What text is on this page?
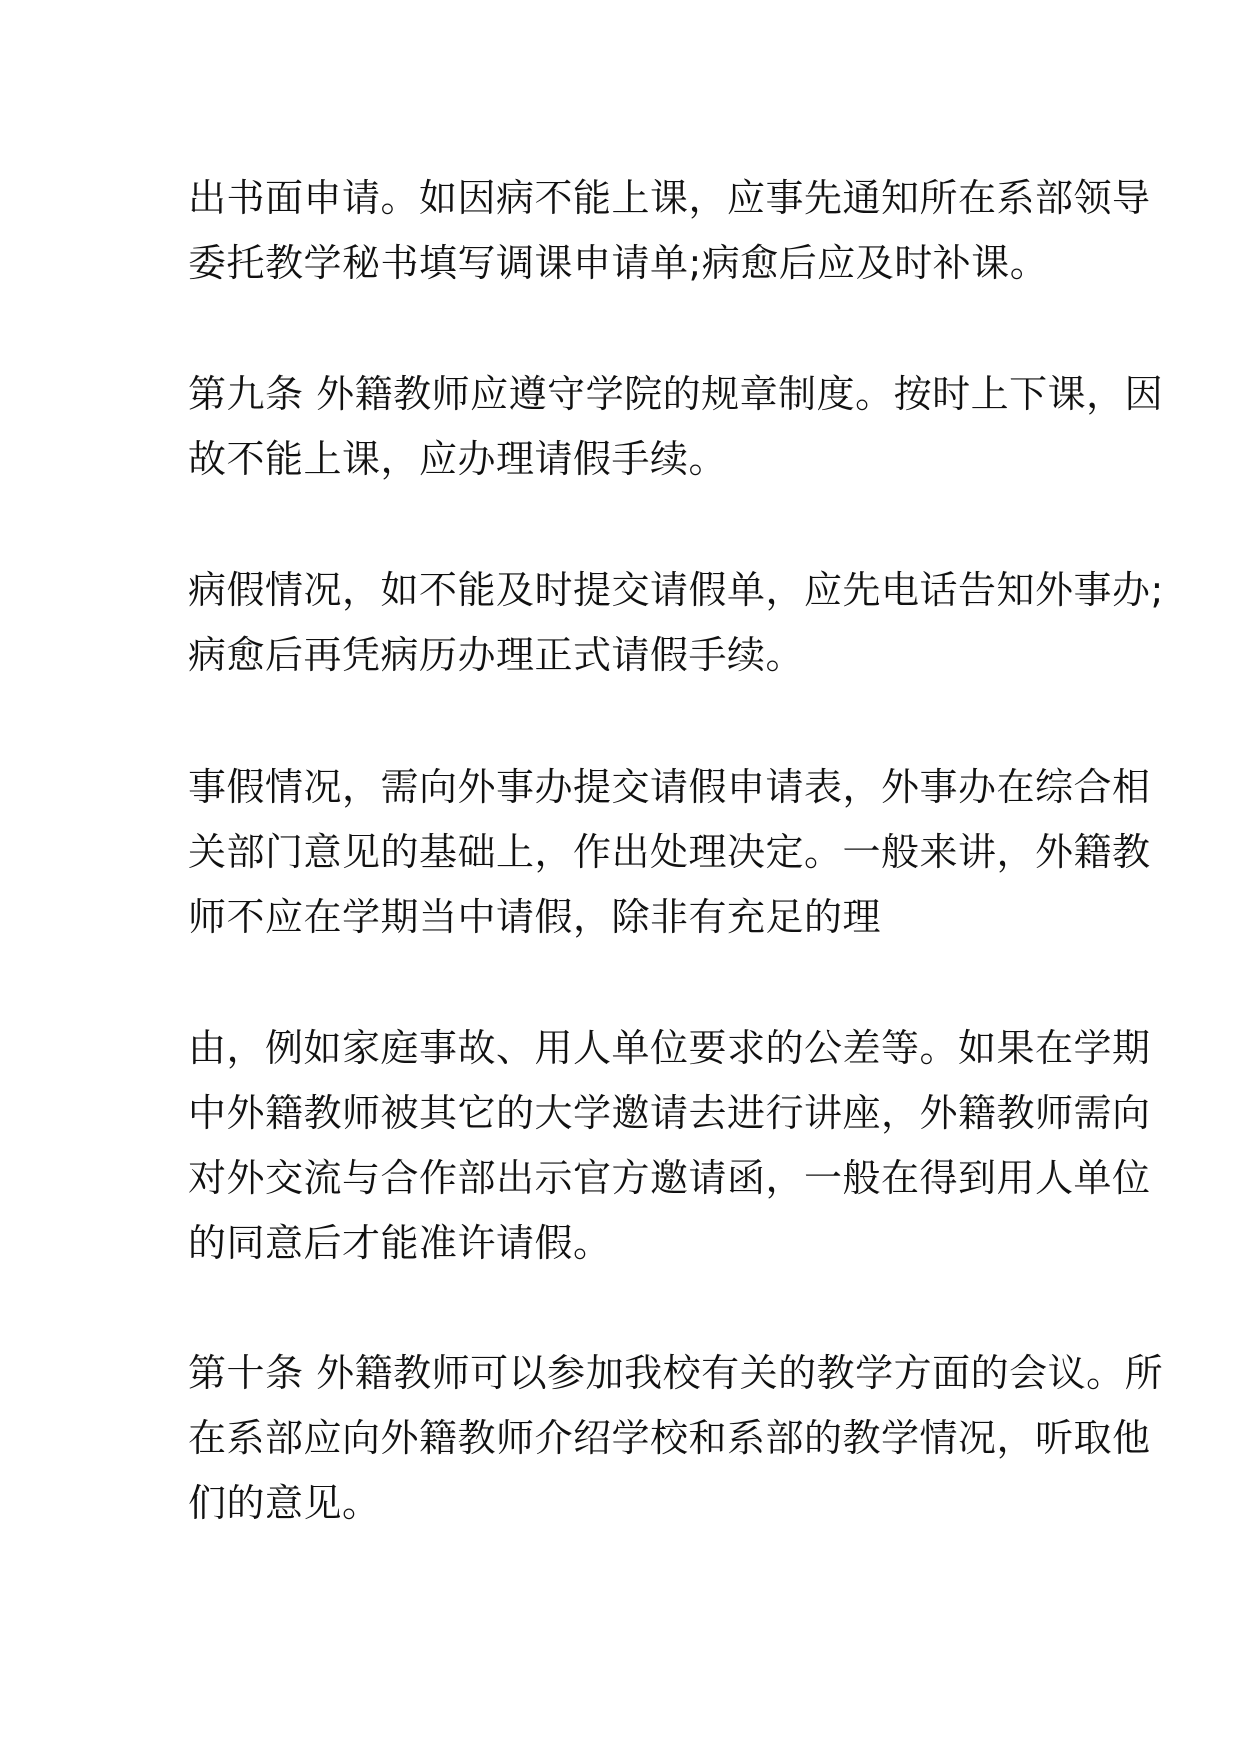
出书面申请。如因病不能上课，应事先通知所在系部领导
委托教学秘书填写调课申请单;病愈后应及时补课。
第九条 外籍教师应遵守学院的规章制度。按时上下课，因
故不能上课，应办理请假手续。
病假情况，如不能及时提交请假单，应先电话告知外事办;
病愈后再凭病历办理正式请假手续。
事假情况，需向外事办提交请假申请表，外事办在综合相
关部门意见的基础上，作出处理决定。一般来讲，外籍教
师不应在学期当中请假，除非有充足的理
由，例如家庭事故、用人单位要求的公差等。如果在学期
中外籍教师被其它的大学邀请去进行讲座，外籍教师需向
对外交流与合作部出示官方邀请函，一般在得到用人单位
的同意后才能准许请假。
第十条 外籍教师可以参加我校有关的教学方面的会议。所
在系部应向外籍教师介绍学校和系部的教学情况，听取他
们的意见。
